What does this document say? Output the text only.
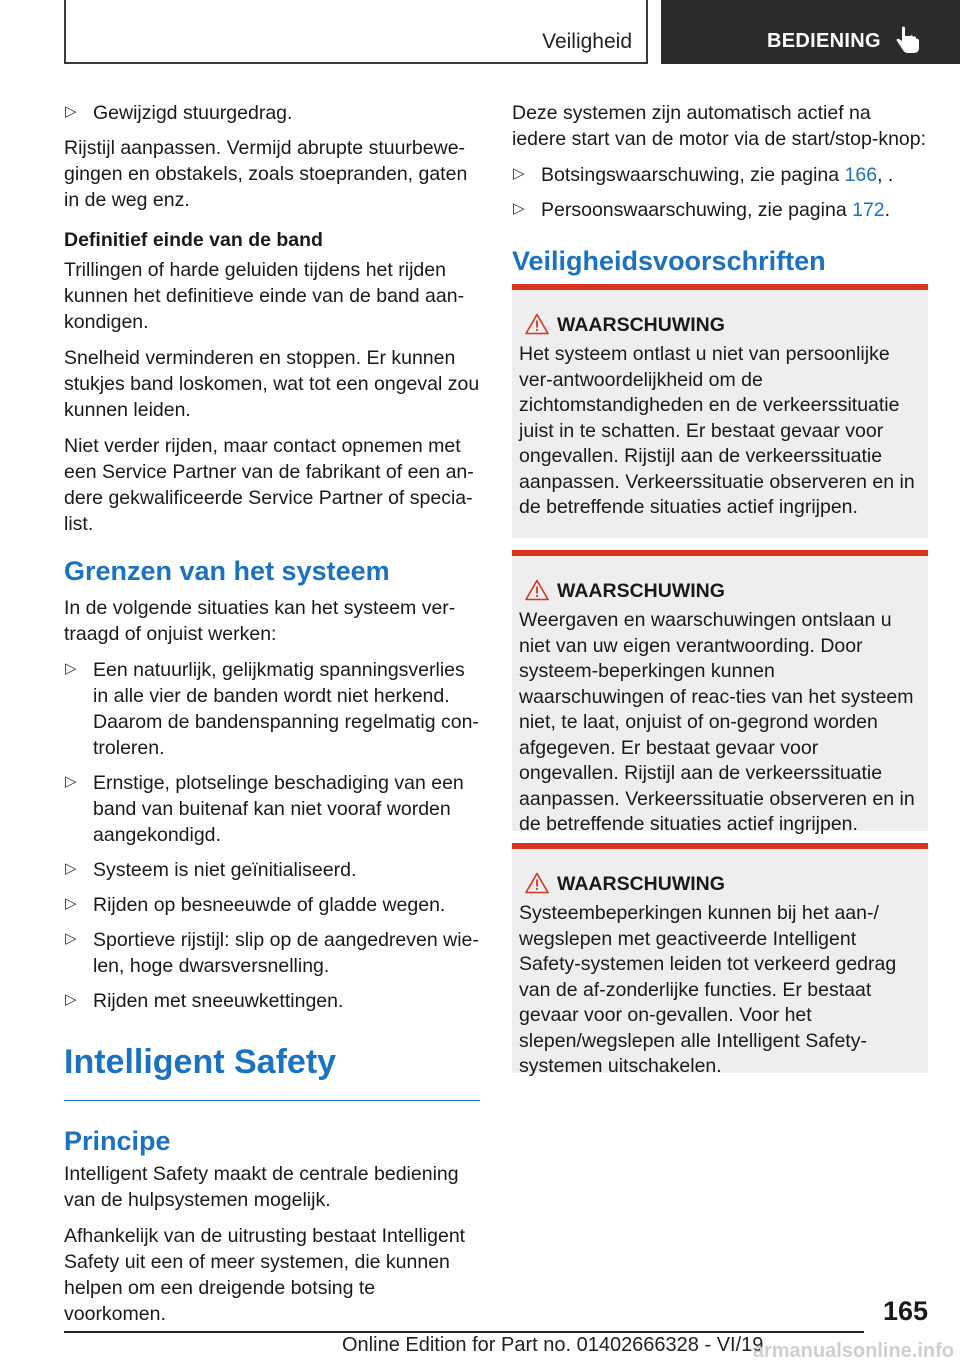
Veiligheid	BEDIENING
▷ Gewijzigd stuurgedrag.

Rijstijl aanpassen. Vermijd abrupte stuurbewe-gingen en obstakels, zoals stoepranden, gaten in de weg enz.

Definitief einde van de band

Trillingen of harde geluiden tijdens het rijden kunnen het definitieve einde van de band aan-kondigen.

Snelheid verminderen en stoppen. Er kunnen stukjes band loskomen, wat tot een ongeval zou kunnen leiden.

Niet verder rijden, maar contact opnemen met een Service Partner van de fabrikant of een an-dere gekwalificeerde Service Partner of specia-list.

Grenzen van het systeem

In de volgende situaties kan het systeem ver-traagd of onjuist werken:

▷ Een natuurlijk, gelijkmatig spanningsverlies in alle vier de banden wordt niet herkend. Daarom de bandenspanning regelmatig con-troleren.

▷ Ernstige, plotselinge beschadiging van een band van buitenaf kan niet vooraf worden aangekondigd.

▷ Systeem is niet geïnitialiseerd.

▷ Rijden op besneeuwde of gladde wegen.

▷ Sportieve rijstijl: slip op de aangedreven wie-len, hoge dwarsversnelling.

▷ Rijden met sneeuwkettingen.

Intelligent Safety
Principe

Intelligent Safety maakt de centrale bediening van de hulpsystemen mogelijk.

Afhankelijk van de uitrusting bestaat Intelligent Safety uit een of meer systemen, die kunnen helpen om een dreigende botsing te voorkomen.

Deze systemen zijn automatisch actief na iedere start van de motor via de start/stop-knop:

▷ Botsingswaarschuwing, zie pagina 166, .

▷ Persoonswaarschuwing, zie pagina 172.

Veiligheidsvoorschriften
WAARSCHUWING

Het systeem ontlast u niet van persoonlijke ver-antwoordelijkheid om de zichtomstandigheden en de verkeerssituatie juist in te schatten. Er bestaat gevaar voor ongevallen. Rijstijl aan de verkeerssituatie aanpassen. Verkeerssituatie observeren en in de betreffende situaties actief ingrijpen.

WAARSCHUWING

Weergaven en waarschuwingen ontslaan u niet van uw eigen verantwoording. Door systeem-beperkingen kunnen waarschuwingen of reac-ties van het systeem niet, te laat, onjuist of on-gegrond worden afgegeven. Er bestaat gevaar voor ongevallen. Rijstijl aan de verkeerssituatie aanpassen. Verkeerssituatie observeren en in de betreffende situaties actief ingrijpen.

WAARSCHUWING

Systeembeperkingen kunnen bij het aan-/ wegslepen met geactiveerde Intelligent Safety-systemen leiden tot verkeerd gedrag van de af-zonderlijke functies. Er bestaat gevaar voor on-gevallen. Voor het slepen/wegslepen alle Intelligent Safety-systemen uitschakelen.

165
Online Edition for Part no. 01402666328 - VI/19
armanualsonline.info
